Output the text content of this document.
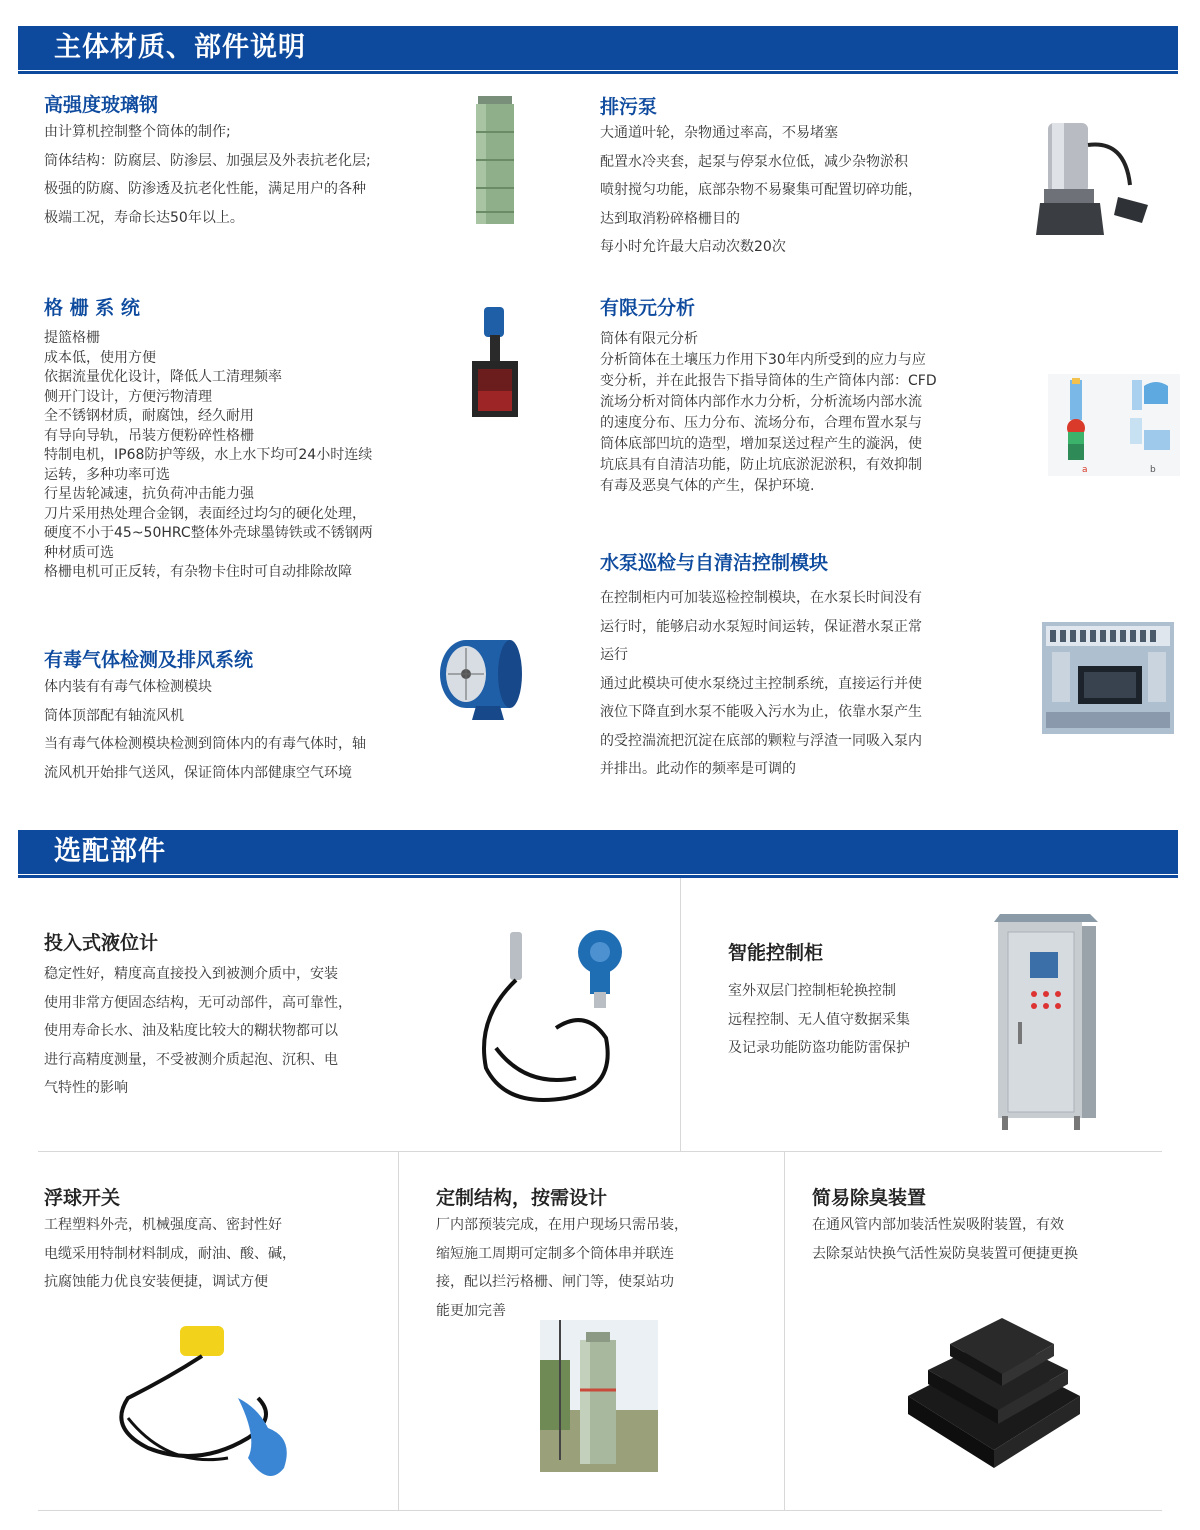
主体材质、部件说明
高强度玻璃钢
由计算机控制整个筒体的制作;
筒体结构：防腐层、防渗层、加强层及外表抗老化层;
极强的防腐、防渗透及抗老化性能，满足用户的各种
极端工况，寿命长达50年以上。
排污泵
大通道叶轮，杂物通过率高，不易堵塞
配置水冷夹套，起泵与停泵水位低，减少杂物淤积
喷射搅匀功能，底部杂物不易聚集可配置切碎功能，
达到取消粉碎格栅目的
每小时允许最大启动次数20次
格 栅 系 统
提篮格栅
成本低，使用方便
依据流量优化设计，降低人工清理频率
侧开门设计，方便污物清理
全不锈钢材质，耐腐蚀，经久耐用
有导向导轨，吊装方便粉碎性格栅
特制电机，IP68防护等级，水上水下均可24小时连续
运转，多种功率可选
行星齿轮减速，抗负荷冲击能力强
刀片采用热处理合金钢，表面经过均匀的硬化处理，
硬度不小于45~50HRC整体外壳球墨铸铁或不锈钢两
种材质可选
格栅电机可正反转，有杂物卡住时可自动排除故障
有限元分析
筒体有限元分析
分析筒体在土壤压力作用下30年内所受到的应力与应
变分析，并在此报告下指导筒体的生产筒体内部：CFD
流场分析对筒体内部作水力分析，分析流场内部水流
的速度分布、压力分布、流场分布，合理布置水泵与
筒体底部凹坑的造型，增加泵送过程产生的漩涡，使
坑底具有自清洁功能，防止坑底淤泥淤积，有效抑制
有毒及恶臭气体的产生，保护环境.
a	b
有毒气体检测及排风系统
体内装有有毒气体检测模块
筒体顶部配有轴流风机
当有毒气体检测模块检测到筒体内的有毒气体时，轴
流风机开始排气送风，保证筒体内部健康空气环境
水泵巡检与自清洁控制模块
在控制柜内可加装巡检控制模块，在水泵长时间没有
运行时，能够启动水泵短时间运转，保证潜水泵正常
运行
通过此模块可使水泵绕过主控制系统，直接运行并使
液位下降直到水泵不能吸入污水为止，依靠水泵产生
的受控湍流把沉淀在底部的颗粒与浮渣一同吸入泵内
并排出。此动作的频率是可调的
选配部件
投入式液位计
稳定性好，精度高直接投入到被测介质中，安装
使用非常方便固态结构，无可动部件，高可靠性，
使用寿命长水、油及粘度比较大的糊状物都可以
进行高精度测量，不受被测介质起泡、沉积、电
气特性的影响
智能控制柜
室外双层门控制柜轮换控制
远程控制、无人值守数据采集
及记录功能防盗功能防雷保护
浮球开关
工程塑料外壳，机械强度高、密封性好
电缆采用特制材料制成，耐油、酸、碱，
抗腐蚀能力优良安装便捷，调试方便
定制结构，按需设计
厂内部预装完成，在用户现场只需吊装，
缩短施工周期可定制多个筒体串并联连
接，配以拦污格栅、闸门等，使泵站功
能更加完善
简易除臭装置
在通风管内部加装活性炭吸附装置，有效
去除泵站快换气活性炭防臭装置可便捷更换
